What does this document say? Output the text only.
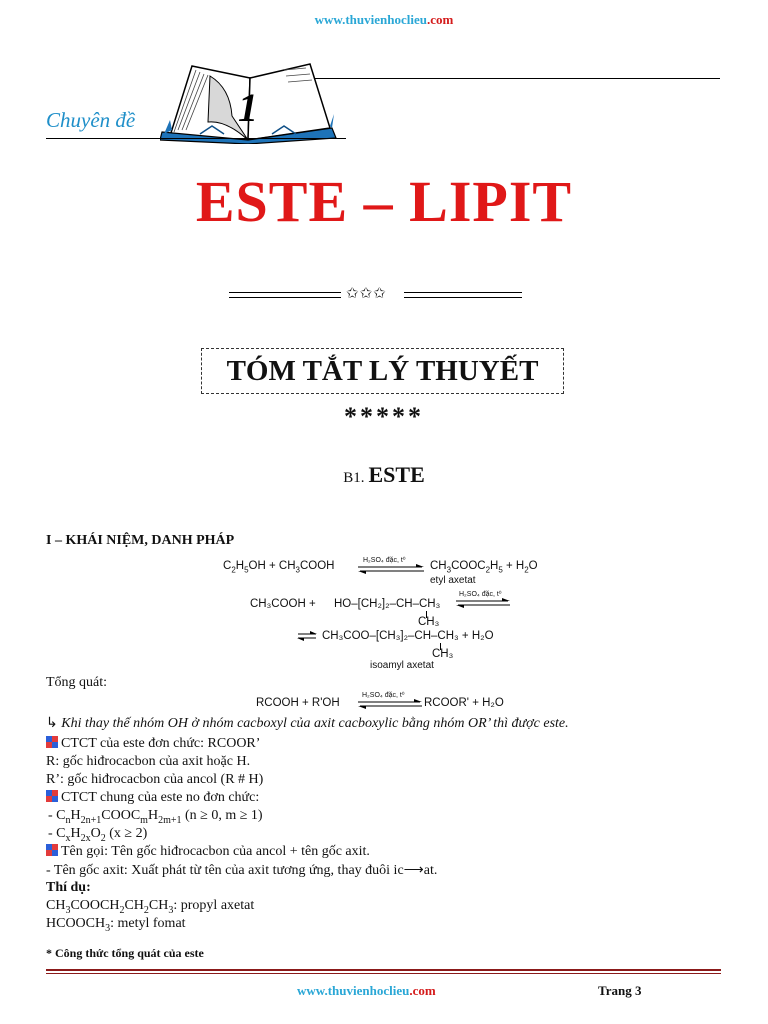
www.thuvienhoclieu.com
1
Chuyên đề
ESTE – LIPIT
✩✩✩
TÓM TẮT LÝ THUYẾT
*****
B1. ESTE
I – KHÁI NIỆM, DANH PHÁP
$C_2H_5OH$ + $CH_3COOH$	H₂SO₄ đặc, t⁰ $CH_3COOC_2H_5 + H_2O$
etyl axetat
CH₃COOH + HO–[CH₂]₂–CH–CH₃
H₂SO₄ đặc, t⁰
CH₃
⇌ CH₃COO–[CH₃]₂–CH–CH₃ + H₂O
CH₃
isoamyl axetat
Tổng quát:
RCOOH + R'OH
H₂SO₄ đặc, t⁰
RCOOR' + H₂O
↳ Khi thay thế nhóm OH ở nhóm cacboxyl của axit cacboxylic bằng nhóm OR’ thì được este.
CTCT của este đơn chức: RCOOR’
R: gốc hiđrocacbon của axit hoặc H.
R’: gốc hiđrocacbon của ancol (R # H)
CTCT chung của este no đơn chức:
- $C_nH_{2n+1}COOC_mH_{2m+1}$ (n ≥ 0, m ≥ 1)
- $C_xH_{2x}O_2$ (x ≥ 2)
Tên gọi: Tên gốc hiđrocacbon của ancol + tên gốc axit.
- Tên gốc axit: Xuất phát từ tên của axit tương ứng, thay đuôi ic⟶at.
Thí dụ:
$CH_3COOCH_2CH_2CH_3$: propyl axetat
$HCOOCH_3$: metyl fomat
* Công thức tổng quát của este
www.thuvienhoclieu.com	Trang 3
